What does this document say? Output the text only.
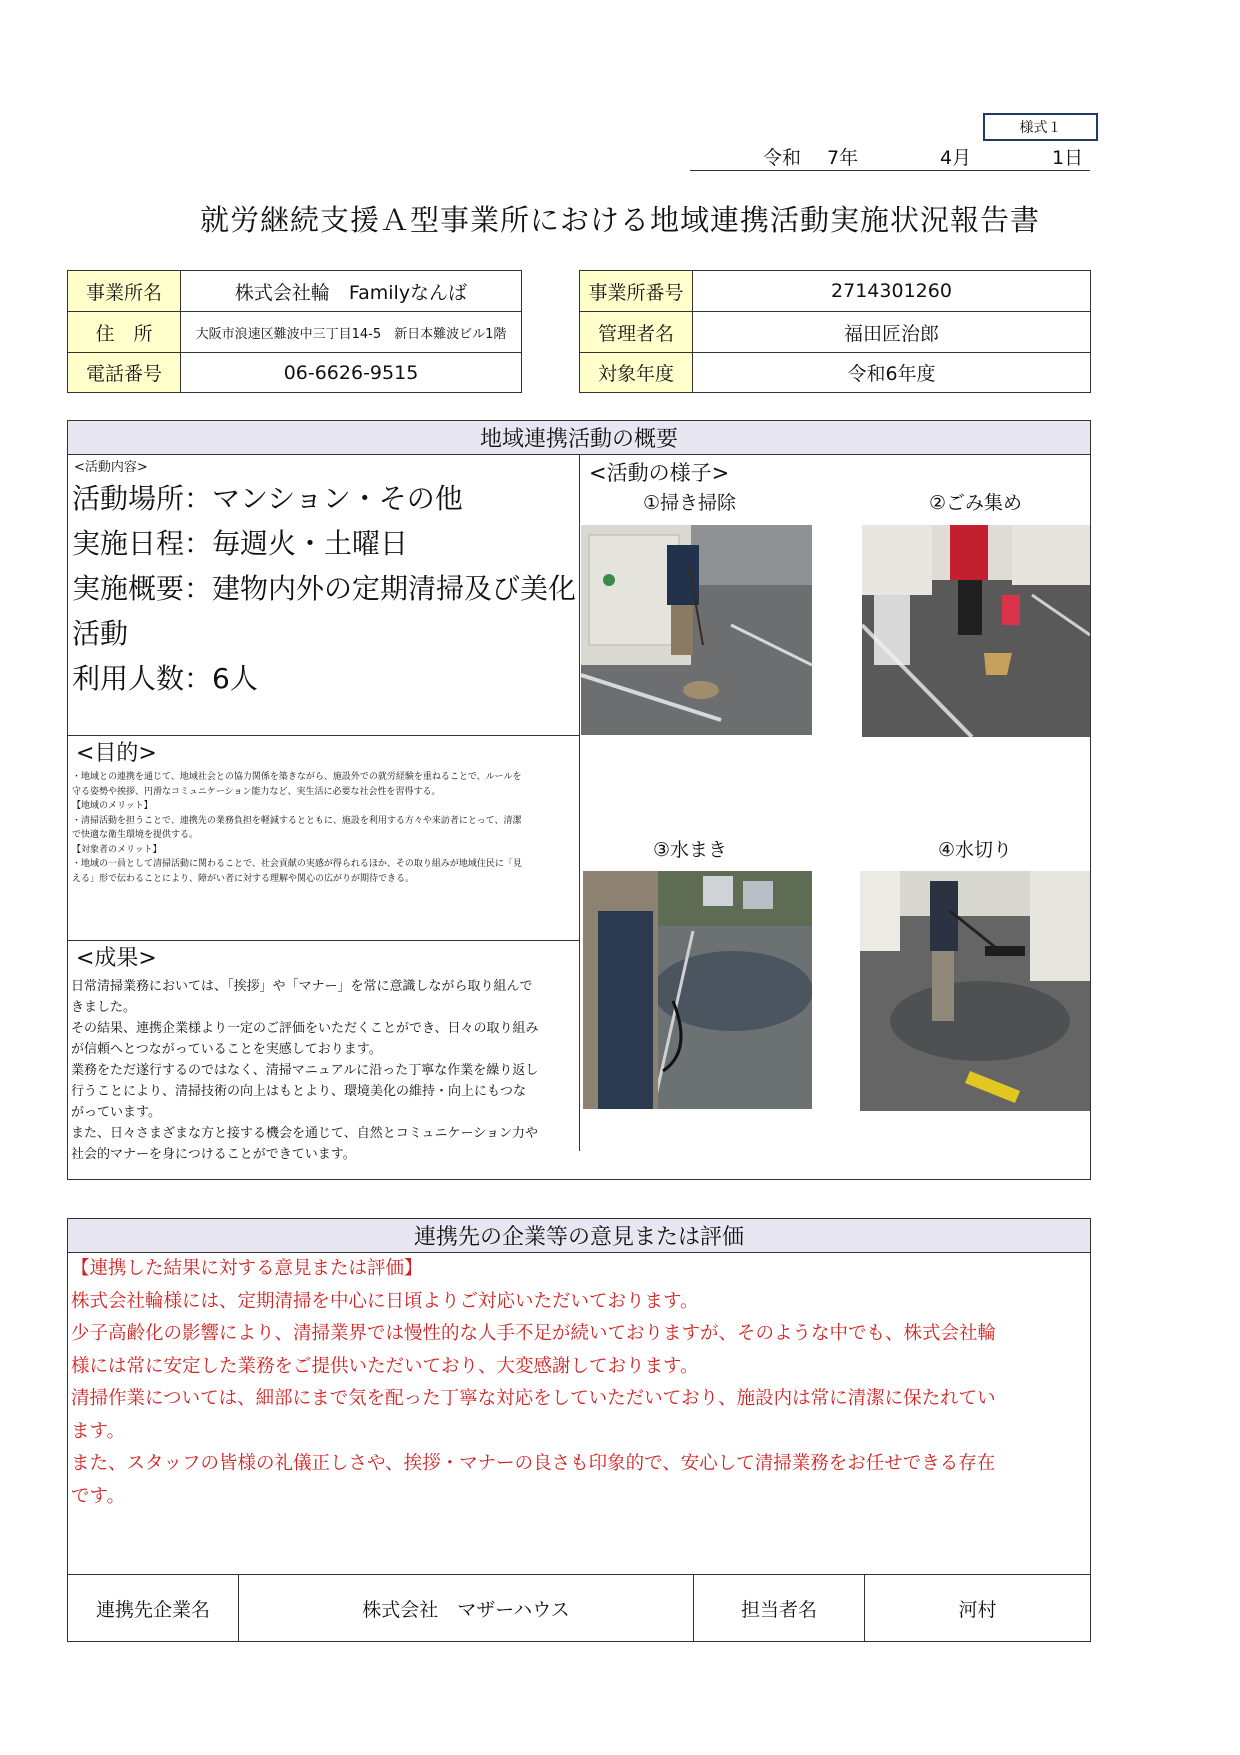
様式１
令和 7年	4月	1日
就労継続支援Ａ型事業所における地域連携活動実施状況報告書
事業所名	株式会社輪　Familyなんば
住　所	大阪市浪速区難波中三丁目14-5　新日本難波ビル1階
電話番号	06-6626-9515
事業所番号	2714301260
管理者名	福田匠治郎
対象年度	令和6年度
地域連携活動の概要
<活動内容>
活動場所：マンション・その他
実施日程：毎週火・土曜日
実施概要：建物内外の定期清掃及び美化
活動
利用人数：6人
<目的>
・地域との連携を通じて、地域社会との協力関係を築きながら、施設外での就労経験を重ねることで、ルールを
守る姿勢や挨拶、円滑なコミュニケーション能力など、実生活に必要な社会性を習得する。
【地域のメリット】
・清掃活動を担うことで、連携先の業務負担を軽減するとともに、施設を利用する方々や来訪者にとって、清潔
で快適な衛生環境を提供する。
【対象者のメリット】
・地域の一員として清掃活動に関わることで、社会貢献の実感が得られるほか、その取り組みが地域住民に「見
える」形で伝わることにより、障がい者に対する理解や関心の広がりが期待できる。
<成果>
日常清掃業務においては、「挨拶」や「マナー」を常に意識しながら取り組んで
きました。
その結果、連携企業様より一定のご評価をいただくことができ、日々の取り組み
が信頼へとつながっていることを実感しております。
業務をただ遂行するのではなく、清掃マニュアルに沿った丁寧な作業を繰り返し
行うことにより、清掃技術の向上はもとより、環境美化の維持・向上にもつな
がっています。
また、日々さまざまな方と接する機会を通じて、自然とコミュニケーション力や
社会的マナーを身につけることができています。
<活動の様子>
①掃き掃除	②ごみ集め
③水まき	④水切り
連携先の企業等の意見または評価
【連携した結果に対する意見または評価】
株式会社輪様には、定期清掃を中心に日頃よりご対応いただいております。
少子高齢化の影響により、清掃業界では慢性的な人手不足が続いておりますが、そのような中でも、株式会社輪
様には常に安定した業務をご提供いただいており、大変感謝しております。
清掃作業については、細部にまで気を配った丁寧な対応をしていただいており、施設内は常に清潔に保たれてい
ます。
また、スタッフの皆様の礼儀正しさや、挨拶・マナーの良さも印象的で、安心して清掃業務をお任せできる存在
です。
連携先企業名	株式会社　マザーハウス	担当者名	河村
